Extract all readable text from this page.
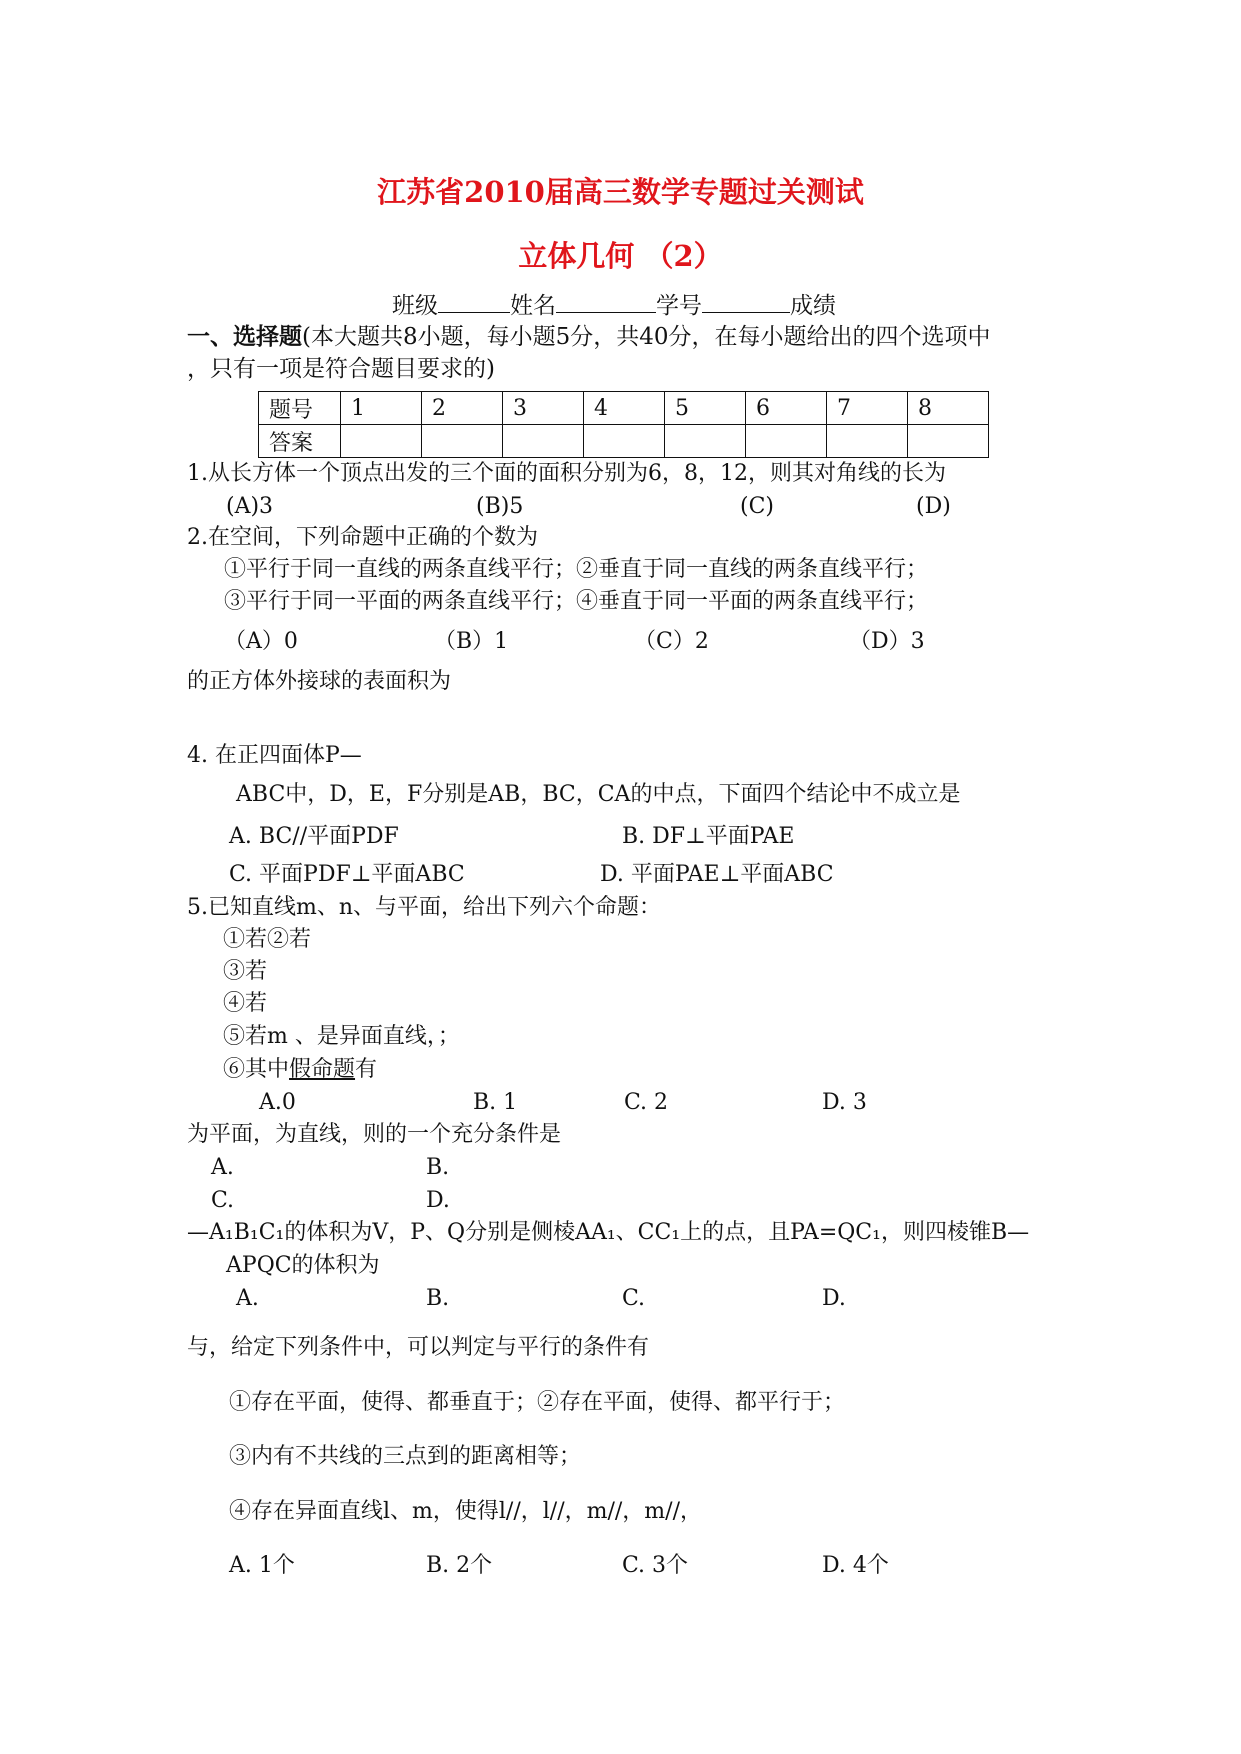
江苏省2010届高三数学专题过关测试
立体几何 （2）
班级	姓名	学号	成绩
一、选择题(本大题共8小题，每小题5分，共40分，在每小题给出的四个选项中
，只有一项是符合题目要求的)
题号	1	2	3	4	5	6	7	8
答案								
1.从长方体一个顶点出发的三个面的面积分别为6，8，12，则其对角线的长为
(A)3	(B)5	(C)	(D)
2.在空间，下列命题中正确的个数为
①平行于同一直线的两条直线平行；②垂直于同一直线的两条直线平行；
③平行于同一平面的两条直线平行；④垂直于同一平面的两条直线平行；
（A）0	（B）1	（C）2	（D）3
的正方体外接球的表面积为
4. 在正四面体P—
ABC中，D，E，F分别是AB，BC，CA的中点，下面四个结论中不成立是
A. BC//平面PDF	B. DF⊥平面PAE
C. 平面PDF⊥平面ABC	D. 平面PAE⊥平面ABC
5.已知直线m、n、与平面，给出下列六个命题：
①若②若
③若
④若
⑤若m 、是异面直线，；
⑥其中假命题有
A.0	B. 1	C. 2	D. 3
为平面，为直线，则的一个充分条件是
A.	B.
C.	D.
—A₁B₁C₁的体积为V，P、Q分别是侧棱AA₁、CC₁上的点，且PA=QC₁，则四棱锥B—
APQC的体积为
A.	B.	C.	D.
与，给定下列条件中，可以判定与平行的条件有
①存在平面，使得、都垂直于；②存在平面，使得、都平行于；
③内有不共线的三点到的距离相等；
④存在异面直线l、m，使得l//，l//，m//，m//，
A. 1个	B. 2个	C. 3个	D. 4个
